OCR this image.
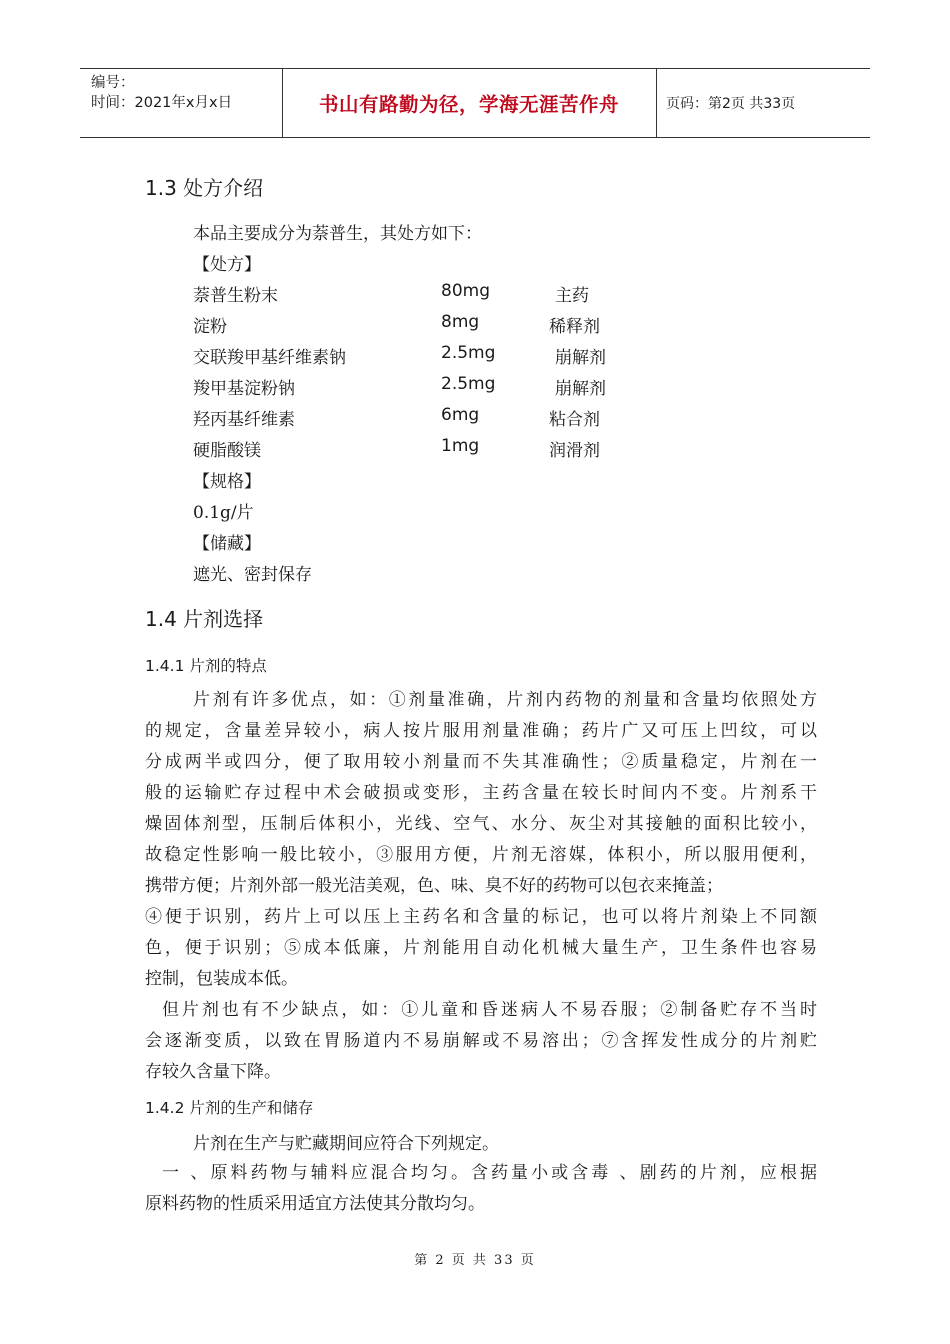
编号：
时间：2021年x月x日	书山有路勤为径，学海无涯苦作舟	页码：第2页 共33页
1.3 处方介绍
本品主要成分为萘普生，其处方如下：
【处方】
萘普生粉末	80mg	主药
淀粉	8mg	稀释剂
交联羧甲基纤维素钠	2.5mg	崩解剂
羧甲基淀粉钠	2.5mg	崩解剂
羟丙基纤维素	6mg	粘合剂
硬脂酸镁	1mg	润滑剂
【规格】
0.1g/片
【储藏】
遮光、密封保存
1.4 片剂选择
1.4.1 片剂的特点
片剂有许多优点，如：①剂量准确，片剂内药物的剂量和含量均依照处方
的规定，含量差异较小，病人按片服用剂量准确；药片广又可压上凹纹，可以
分成两半或四分，便了取用较小剂量而不失其准确性；②质量稳定，片剂在一
般的运输贮存过程中术会破损或变形，主药含量在较长时间内不变。片剂系干
燥固体剂型，压制后体积小，光线、空气、水分、灰尘对其接触的面积比较小，
故稳定性影响一般比较小，③服用方便，片剂无溶媒，体积小，所以服用便利，
携带方便；片剂外部一般光洁美观，色、味、臭不好的药物可以包衣来掩盖；
④便于识别，药片上可以压上主药名和含量的标记，也可以将片剂染上不同额
色，便于识别；⑤成本低廉，片剂能用自动化机械大量生产，卫生条件也容易
控制，包装成本低。
但片剂也有不少缺点，如：①儿童和昏迷病人不易吞服；②制备贮存不当时
会逐渐变质，以致在胃肠道内不易崩解或不易溶出；⑦含挥发性成分的片剂贮
存较久含量下降。
1.4.2 片剂的生产和储存
片剂在生产与贮藏期间应符合下列规定。
一 、原料药物与辅料应混合均匀。含药量小或含毒 、剧药的片剂，应根据
原料药物的性质采用适宜方法使其分散均匀。
第 2 页 共 33 页
